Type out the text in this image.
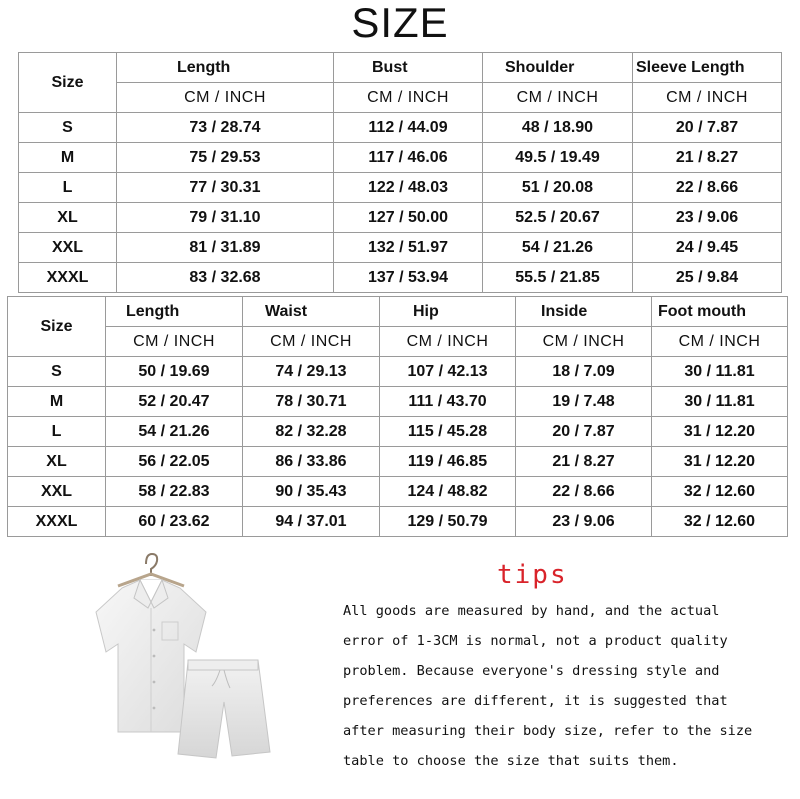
SIZE
Size	Length	Bust	Shoulder	Sleeve Length
	CM / INCH	CM / INCH	CM / INCH	CM / INCH
S	73 / 28.74	112 / 44.09	48 / 18.90	20 / 7.87
M	75 / 29.53	117 / 46.06	49.5 / 19.49	21 / 8.27
L	77 / 30.31	122 / 48.03	51 / 20.08	22 / 8.66
XL	79 / 31.10	127 / 50.00	52.5 / 20.67	23 / 9.06
XXL	81 / 31.89	132 / 51.97	54 / 21.26	24 / 9.45
XXXL	83 / 32.68	137 / 53.94	55.5 / 21.85	25 / 9.84
Size	Length	Waist	Hip	Inside	Foot mouth
	CM / INCH	CM / INCH	CM / INCH	CM / INCH	CM / INCH
S	50 / 19.69	74 / 29.13	107 / 42.13	18 / 7.09	30 / 11.81
M	52 / 20.47	78 / 30.71	111 / 43.70	19 / 7.48	30 / 11.81
L	54 / 21.26	82 / 32.28	115 / 45.28	20 / 7.87	31 / 12.20
XL	56 / 22.05	86 / 33.86	119 / 46.85	21 / 8.27	31 / 12.20
XXL	58 / 22.83	90 / 35.43	124 / 48.82	22 / 8.66	32 / 12.60
XXXL	60 / 23.62	94 / 37.01	129 / 50.79	23 / 9.06	32 / 12.60
tips
All goods are measured by hand, and the actual
error of 1-3CM is normal, not a product quality
problem. Because everyone's dressing style and
preferences are different, it is suggested that
after measuring their body size, refer to the size
table to choose the size that suits them.
